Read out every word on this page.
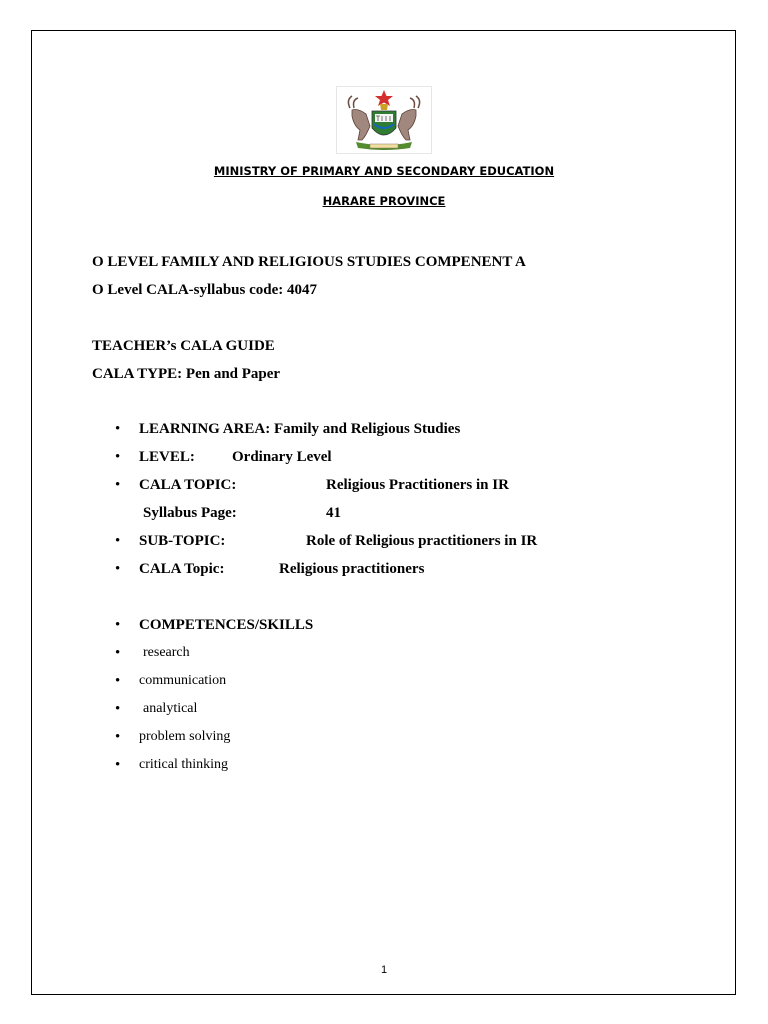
MINISTRY OF PRIMARY AND SECONDARY EDUCATION
HARARE PROVINCE
O LEVEL FAMILY AND RELIGIOUS STUDIES COMPENENT A
O Level CALA-syllabus code: 4047
TEACHER’s CALA GUIDE
CALA TYPE: Pen and Paper
• LEARNING AREA: Family and Religious Studies
• LEVEL: Ordinary Level
• CALA TOPIC:	Religious Practitioners in IR
Syllabus Page:	41
• SUB-TOPIC:	Role of Religious practitioners in IR
• CALA Topic:	Religious practitioners
• COMPETENCES/SKILLS
• research
• communication
• analytical
• problem solving
• critical thinking
1
